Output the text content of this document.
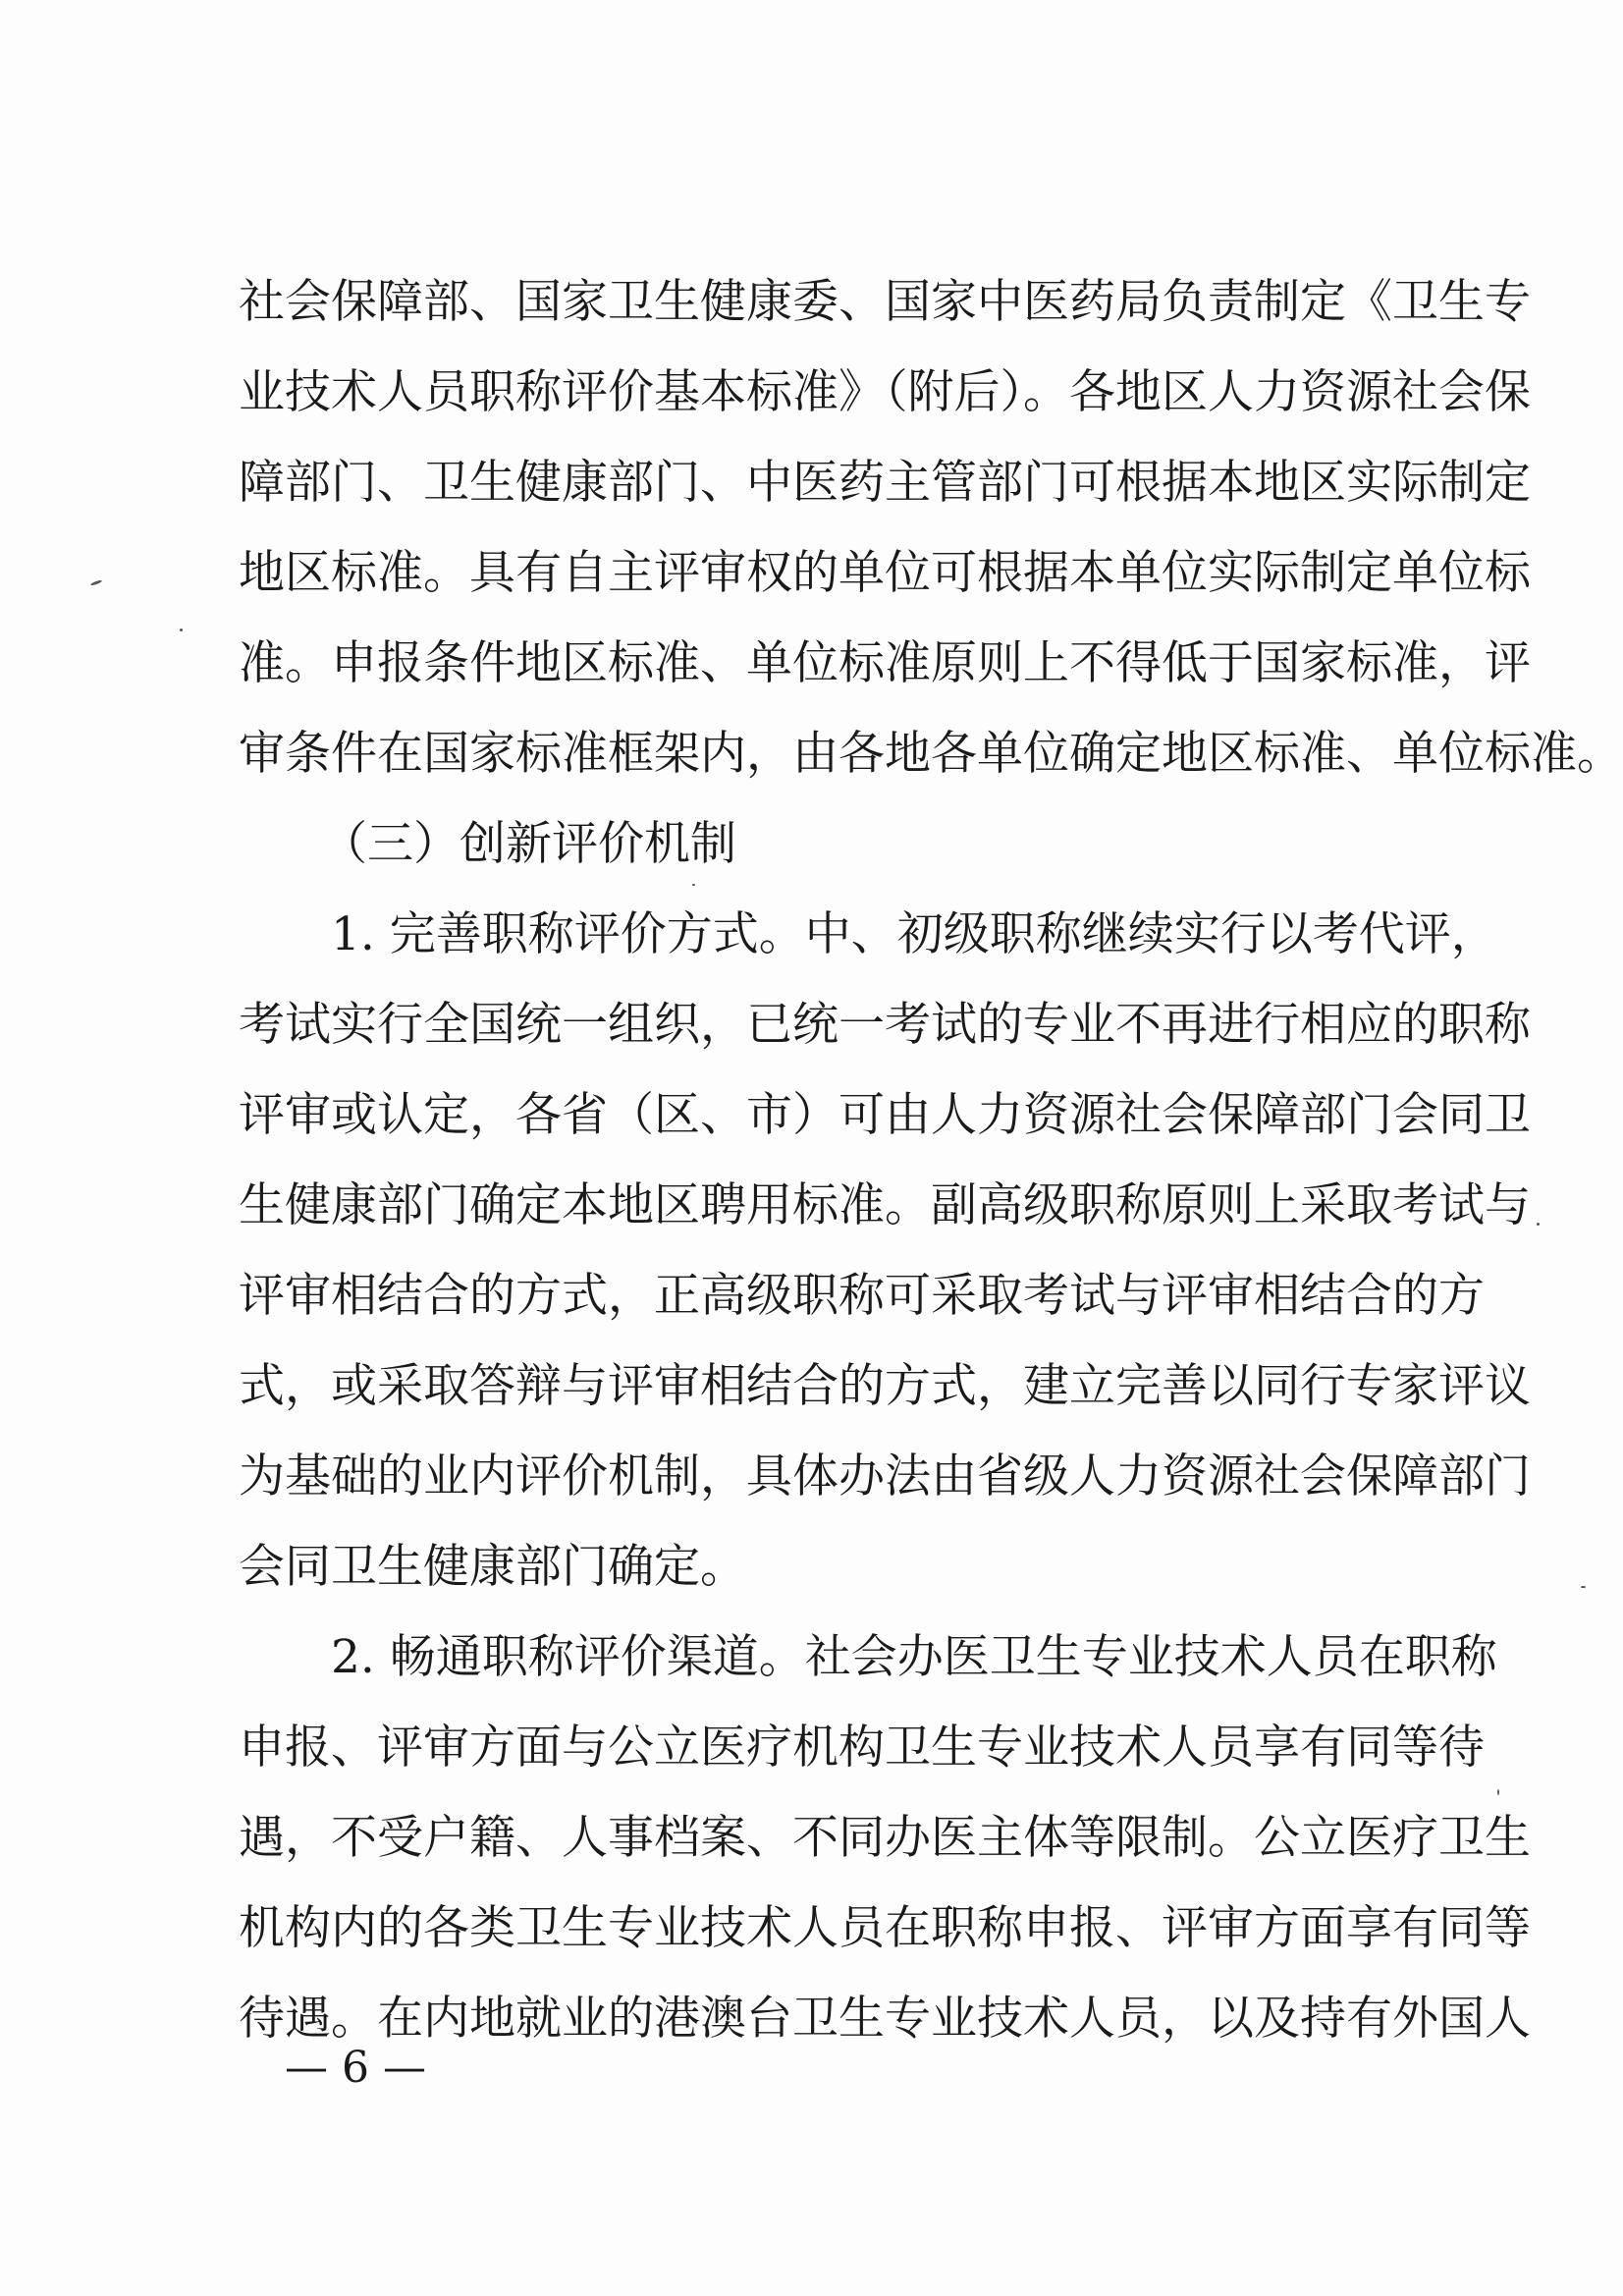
社会保障部、国家卫生健康委、国家中医药局负责制定《卫生专
业技术人员职称评价基本标准》（附后）。各地区人力资源社会保
障部门、卫生健康部门、中医药主管部门可根据本地区实际制定
地区标准。具有自主评审权的单位可根据本单位实际制定单位标
准。申报条件地区标准、单位标准原则上不得低于国家标准，评
审条件在国家标准框架内，由各地各单位确定地区标准、单位标准。
（三）创新评价机制
1. 完善职称评价方式。中、初级职称继续实行以考代评，
考试实行全国统一组织，已统一考试的专业不再进行相应的职称
评审或认定，各省（区、市）可由人力资源社会保障部门会同卫
生健康部门确定本地区聘用标准。副高级职称原则上采取考试与
评审相结合的方式，正高级职称可采取考试与评审相结合的方
式，或采取答辩与评审相结合的方式，建立完善以同行专家评议
为基础的业内评价机制，具体办法由省级人力资源社会保障部门
会同卫生健康部门确定。
2. 畅通职称评价渠道。社会办医卫生专业技术人员在职称
申报、评审方面与公立医疗机构卫生专业技术人员享有同等待
遇，不受户籍、人事档案、不同办医主体等限制。公立医疗卫生
机构内的各类卫生专业技术人员在职称申报、评审方面享有同等
待遇。在内地就业的港澳台卫生专业技术人员，以及持有外国人
— 6 —
